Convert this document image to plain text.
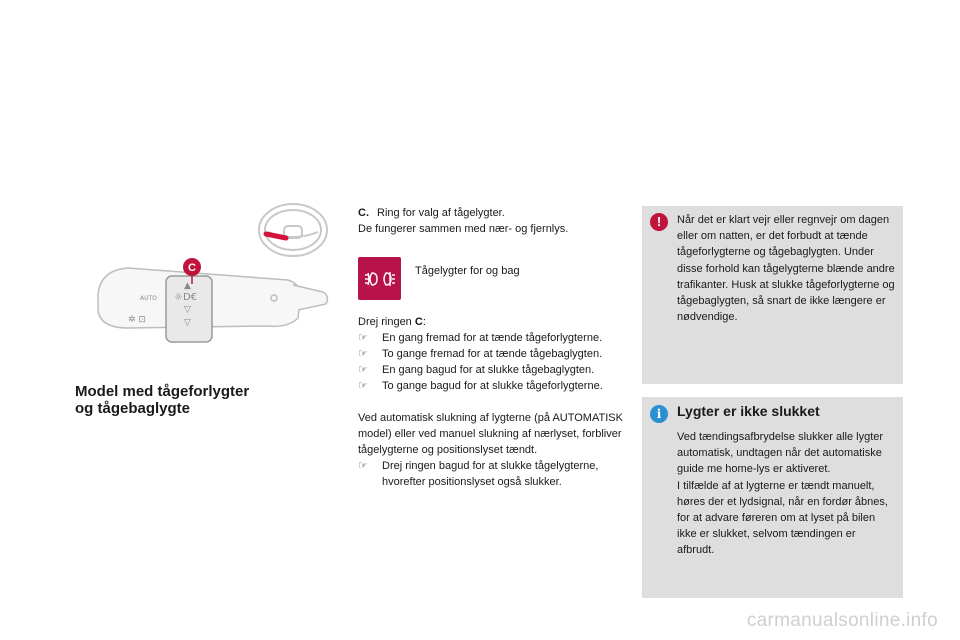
AUTO
✲ ⊡
☼D€
▲
▽
▽
C
Model med tågeforlygter
og tågebaglygte

C. Ring for valg af tågelygter.

De fungerer sammen med nær- og fjernlys.

Tågelygter for og bag

Drej ringen C:

☞ En gang fremad for at tænde tågeforlygterne.
☞ To gange fremad for at tænde tågebaglygten.
☞ En gang bagud for at slukke tågebaglygten.
☞ To gange bagud for at slukke tågeforlygterne.

Ved automatisk slukning af lygterne (på AUTOMATISK model) eller ved manuel slukning af nærlyset, forbliver tågelygterne og positionslyset tændt.

☞ Drej ringen bagud for at slukke tågelygterne, hvorefter positionslyset også slukker.
!	Når det er klart vejr eller regnvejr om dagen eller om natten, er det forbudt at tænde tågeforlygterne og tågebaglygten. Under disse forhold kan tågelygterne blænde andre trafikanter. Husk at slukke tågeforlygterne og tågebaglygten, så snart de ikke længere er nødvendige.
i	Lygter er ikke slukket
Ved tændingsafbrydelse slukker alle lygter automatisk, undtagen når det automatiske guide me home-lys er aktiveret.
I tilfælde af at lygterne er tændt manuelt, høres der et lydsignal, når en fordør åbnes, for at advare føreren om at lyset på bilen ikke er slukket, selvom tændingen er afbrudt.
carmanualsonline.info
